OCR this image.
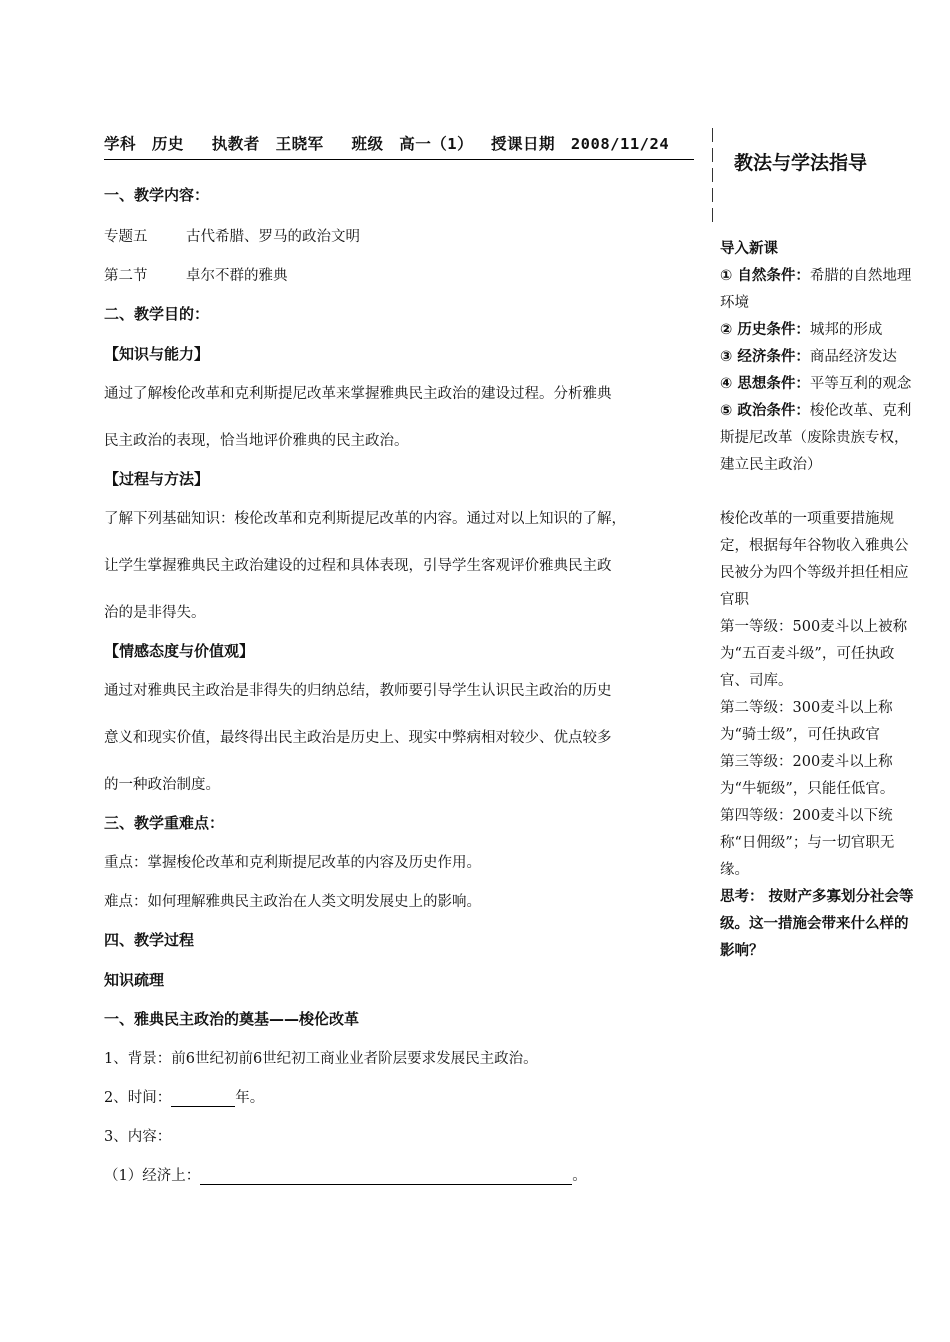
学科 历史 执教者 王晓军 班级 高一（1） 授课日期 2008/11/24
一、教学内容：
专题五	古代希腊、罗马的政治文明
第二节	卓尔不群的雅典
二、教学目的：
【知识与能力】
通过了解梭伦改革和克利斯提尼改革来掌握雅典民主政治的建设过程。分析雅典
民主政治的表现，恰当地评价雅典的民主政治。
【过程与方法】
了解下列基础知识：梭伦改革和克利斯提尼改革的内容。通过对以上知识的了解，
让学生掌握雅典民主政治建设的过程和具体表现，引导学生客观评价雅典民主政
治的是非得失。
【情感态度与价值观】
通过对雅典民主政治是非得失的归纳总结，教师要引导学生认识民主政治的历史
意义和现实价值，最终得出民主政治是历史上、现实中弊病相对较少、优点较多
的一种政治制度。
三、教学重难点：
重点：掌握梭伦改革和克利斯提尼改革的内容及历史作用。
难点：如何理解雅典民主政治在人类文明发展史上的影响。
四、教学过程
知识疏理
一、雅典民主政治的奠基——梭伦改革
1、背景：前6世纪初前6世纪初工商业业者阶层要求发展民主政治。
2、时间：	年。
3、内容：
（1）经济上：	。
教法与学法指导
导入新课
① 自然条件：希腊的自然地理环境
② 历史条件：城邦的形成
③ 经济条件：商品经济发达
④ 思想条件：平等互利的观念
⑤ 政治条件：梭伦改革、克利斯提尼改革（废除贵族专权，建立民主政治）
梭伦改革的一项重要措施规定，根据每年谷物收入雅典公民被分为四个等级并担任相应官职
第一等级：500麦斗以上被称为“五百麦斗级”，可任执政官、司库。
第二等级：300麦斗以上称为“骑士级”，可任执政官
第三等级：200麦斗以上称为“牛轭级”，只能任低官。
第四等级：200麦斗以下统称“日佣级”；与一切官职无缘。
思考： 按财产多寡划分社会等级。这一措施会带来什么样的影响？
